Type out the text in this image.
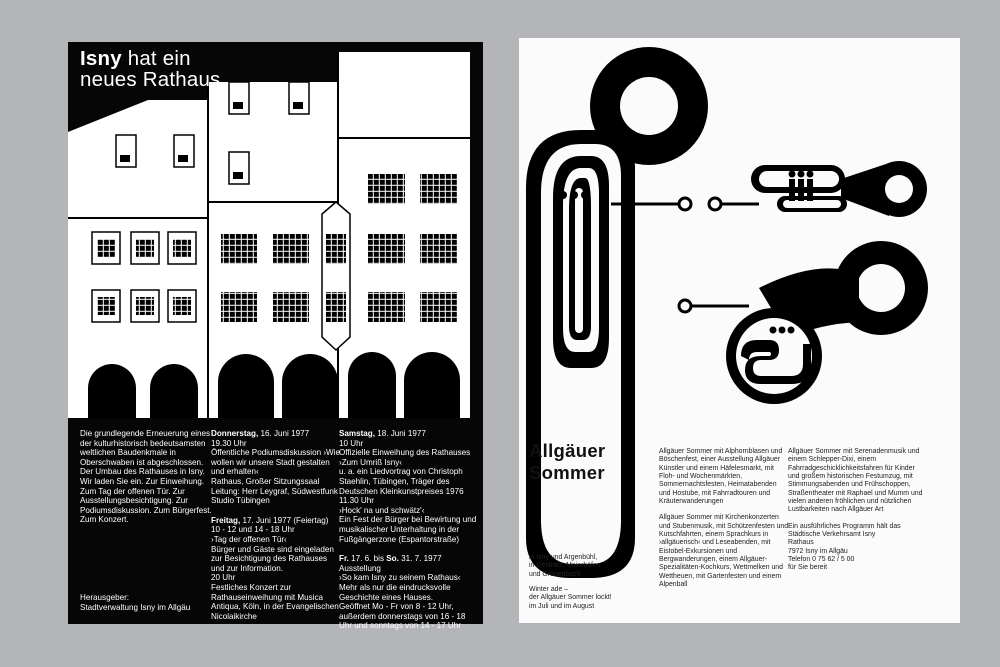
Isny hat ein
neues Rathaus
Die grundlegende Erneuerung eines der kulturhistorisch bedeutsamsten weltlichen Baudenkmale in Oberschwaben ist abgeschlossen. Der Umbau des Rathauses in Isny. Wir laden Sie ein. Zur Einweihung. Zum Tag der offenen Tür. Zur Ausstellungsbesichtigung. Zur Podiumsdiskussion. Zum Bürgerfest. Zum Konzert.
Donnerstag, 16. Juni 1977
19.30 Uhr
Öffentliche Podiumsdiskussion ›Wie wollen wir unsere Stadt gestalten und erhalten‹
Rathaus, Großer Sitzungssaal
Leitung: Herr Leygraf, Südwestfunk Studio Tübingen
Freitag, 17. Juni 1977 (Feiertag)
10 - 12 und 14 - 18 Uhr
›Tag der offenen Tür‹
Bürger und Gäste sind eingeladen zur Besichtigung des Rathauses und zur Information.
20 Uhr
Festliches Konzert zur Rathauseinweihung mit Musica Antiqua, Köln, in der Evangelischen Nicolaikirche
Samstag, 18. Juni 1977
10 Uhr
Offizielle Einweihung des Rathauses ›Zum Umriß Isny‹
u. a. ein Liedvortrag von Christoph Staehlin, Tübingen, Träger des Deutschen Kleinkunstpreises 1976
11.30 Uhr
›Hock' na und schwätz'‹
Ein Fest der Bürger bei Bewirtung und musikalischer Unterhaltung in der Fußgängerzone (Espantorstraße)
Fr. 17. 6. bis So. 31. 7. 1977
Ausstellung
›So kam Isny zu seinem Rathaus‹
Mehr als nur die eindrucksvolle Geschichte eines Hauses.
Geöffnet Mo - Fr von 8 - 12 Uhr, außerdem donnerstags von 16 - 18 Uhr und sonntags von 14 - 17 Uhr
Herausgeber:
Stadtverwaltung Isny im Allgäu
Allgäuer
Sommer
in Isny und Argenbühl,
in Gestratz, Maierhöfen
und Grünenbach
Winter ade –
der Allgäuer Sommer lockt!
im Juli und im August
Allgäuer Sommer mit Alphornblasen und Böschenfest, einer Ausstellung Allgäuer Künstler und einem Häfelesmarkt, mit Floh- und Wochenmärkten, Sommernachtsfesten, Heimatabenden und Hostube, mit Fahrradtouren und Kräuterwanderungen
Allgäuer Sommer mit Kirchenkonzerten und Stubenmusik, mit Schützenfesten und Kutschfahrten, einem Sprachkurs in ›allgäuerisch‹ und Leseabenden, mit Eistobel-Exkursionen und Bergwanderungen, einem Allgäuer-Spezialitäten-Kochkurs, Wettmelken und Wettheuen, mit Gartenfesten und einem Alpenball
Allgäuer Sommer mit Serenadenmusik und einem Schlepper-Dixi, einem Fahrradgeschicklichkeitsfahren für Kinder und großem historischen Festumzug, mit Stimmungsabenden und Frühschoppen, Straßentheater mit Raphael und Mumm und vielen anderen fröhlichen und nützlichen Lustbarkeiten nach Allgäuer Art
Ein ausführliches Programm hält das Städtische Verkehrsamt Isny
Rathaus
7972 Isny im Allgäu
Telefon 0 75 62 / 5 00
für Sie bereit
